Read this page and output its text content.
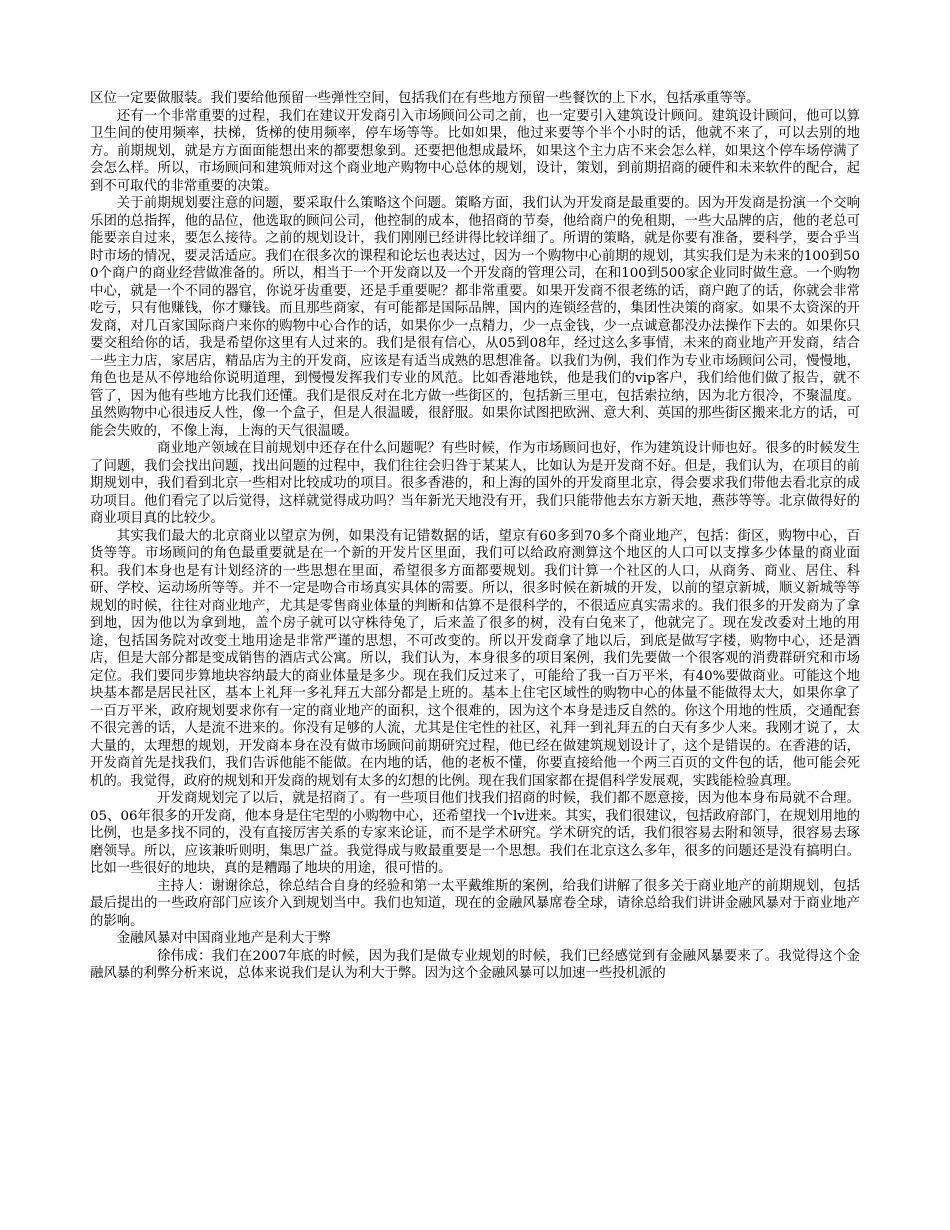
区位一定要做服装。我们要给他预留一些弹性空间，包括我们在有些地方预留一些餐饮的上下水，包括承重等等。

还有一个非常重要的过程，我们在建议开发商引入市场顾问公司之前，也一定要引入建筑设计顾问。建筑设计顾问，他可以算卫生间的使用频率，扶梯，货梯的使用频率，停车场等等。比如如果，他过来要等个半个小时的话，他就不来了，可以去别的地方。前期规划，就是方方面面能想出来的都要想象到。还要把他想成最坏，如果这个主力店不来会怎么样，如果这个停车场停满了会怎么样。所以，市场顾问和建筑师对这个商业地产购物中心总体的规划，设计，策划，到前期招商的硬件和未来软件的配合，起到不可取代的非常重要的决策。

关于前期规划要注意的问题，要采取什么策略这个问题。策略方面，我们认为开发商是最重要的。因为开发商是扮演一个交响乐团的总指挥，他的品位，他选取的顾问公司，他控制的成本，他招商的节奏，他给商户的免租期，一些大品牌的店，他的老总可能要亲自过来，要怎么接待。之前的规划设计，我们刚刚已经讲得比较详细了。所谓的策略，就是你要有准备，要科学，要合乎当时市场的情况，要灵活适应。我们在很多次的课程和论坛也表达过，因为一个购物中心前期的规划，其实我们是为未来的100到500个商户的商业经营做准备的。所以，相当于一个开发商以及一个开发商的管理公司，在和100到500家企业同时做生意。一个购物中心，就是一个不同的器官，你说牙齿重要，还是手重要呢？都非常重要。如果开发商不很老练的话，商户跑了的话，你就会非常吃亏，只有他赚钱，你才赚钱。而且那些商家，有可能都是国际品牌，国内的连锁经营的，集团性决策的商家。如果不太资深的开发商，对几百家国际商户来你的购物中心合作的话，如果你少一点精力，少一点金钱，少一点诚意都没办法操作下去的。如果你只要交租给你的话，我是希望你这里有人过来的。我们是很有信心，从05到08年，经过这么多事情，未来的商业地产开发商，结合一些主力店，家居店，精品店为主的开发商，应该是有适当成熟的思想准备。以我们为例，我们作为专业市场顾问公司，慢慢地，角色也是从不停地给你说明道理，到慢慢发挥我们专业的风范。比如香港地铁，他是我们的vip客户，我们给他们做了报告，就不管了，因为他有些地方比我们还懂。我们是很反对在北方做一些街区的，包括新三里屯，包括索拉纳，因为北方很冷，不聚温度。虽然购物中心很违反人性，像一个盒子，但是人很温暖，很舒服。如果你试图把欧洲、意大利、英国的那些街区搬来北方的话，可能会失败的，不像上海，上海的天气很温暖。

商业地产领域在目前规划中还存在什么问题呢？有些时候，作为市场顾问也好，作为建筑设计师也好。很多的时候发生了问题，我们会找出问题，找出问题的过程中，我们往往会归咎于某某人，比如认为是开发商不好。但是，我们认为，在项目的前期规划中，我们看到北京一些相对比较成功的项目。很多香港的，和上海的国外的开发商里北京，得会要求我们带他去看北京的成功项目。他们看完了以后觉得，这样就觉得成功吗？当年新光天地没有开，我们只能带他去东方新天地，燕莎等等。北京做得好的商业项目真的比较少。

其实我们最大的北京商业以望京为例，如果没有记错数据的话，望京有60多到70多个商业地产，包括：街区，购物中心，百货等等。市场顾问的角色最重要就是在一个新的开发片区里面，我们可以给政府测算这个地区的人口可以支撑多少体量的商业面积。我们本身也是有计划经济的一些思想在里面，希望很多方面都要规划。我们计算一个社区的人口，从商务、商业、居住、科研、学校、运动场所等等。并不一定是吻合市场真实具体的需要。所以，很多时候在新城的开发，以前的望京新城，顺义新城等等规划的时候，往往对商业地产，尤其是零售商业体量的判断和估算不是很科学的，不很适应真实需求的。我们很多的开发商为了拿到地，因为他以为拿到地，盖个房子就可以守株待兔了，后来盖了很多的树，没有白兔来了，他就完了。现在发改委对土地的用途，包括国务院对改变土地用途是非常严谨的思想，不可改变的。所以开发商拿了地以后，到底是做写字楼，购物中心，还是酒店，但是大部分都是变成销售的酒店式公寓。所以，我们认为，本身很多的项目案例，我们先要做一个很客观的消费群研究和市场定位。我们要同步算地块容纳最大的商业体量是多少。现在我们反过来了，可能给了我一百万平米，有40%要做商业。可能这个地块基本都是居民社区，基本上礼拜一多礼拜五大部分都是上班的。基本上住宅区域性的购物中心的体量不能做得太大，如果你拿了一百万平米，政府规划要求你有一定的商业地产的面积，这个很难的，因为这个本身是违反自然的。你这个用地的性质，交通配套不很完善的话，人是流不进来的。你没有足够的人流，尤其是住宅性的社区，礼拜一到礼拜五的白天有多少人来。我刚才说了，太大量的，太理想的规划，开发商本身在没有做市场顾问前期研究过程，他已经在做建筑规划设计了，这个是错误的。在香港的话，开发商首先是找我们，我们告诉他能不能做。在内地的话，他的老板不懂，你要直接给他一个两三百页的文件包的话，他可能会死机的。我觉得，政府的规划和开发商的规划有太多的幻想的比例。现在我们国家都在提倡科学发展观，实践能检验真理。

开发商规划完了以后，就是招商了。有一些项目他们找我们招商的时候，我们都不愿意接，因为他本身布局就不合理。05、06年很多的开发商，他本身是住宅型的小购物中心，还希望找一个lv进来。其实，我们很建议，包括政府部门，在规划用地的比例，也是多找不同的，没有直接厉害关系的专家来论证，而不是学术研究。学术研究的话，我们很容易去附和领导，很容易去琢磨领导。所以，应该兼听则明，集思广益。我觉得成与败最重要是一个思想。我们在北京这么多年，很多的问题还是没有搞明白。比如一些很好的地块，真的是糟蹋了地块的用途，很可惜的。

主持人：谢谢徐总，徐总结合自身的经验和第一太平戴维斯的案例，给我们讲解了很多关于商业地产的前期规划，包括最后提出的一些政府部门应该介入到规划当中。我们也知道，现在的金融风暴席卷全球，请徐总给我们讲讲金融风暴对于商业地产的影响。

金融风暴对中国商业地产是利大于弊

徐伟成：我们在2007年底的时候，因为我们是做专业规划的时候，我们已经感觉到有金融风暴要来了。我觉得这个金融风暴的利弊分析来说，总体来说我们是认为利大于弊。因为这个金融风暴可以加速一些投机派的
